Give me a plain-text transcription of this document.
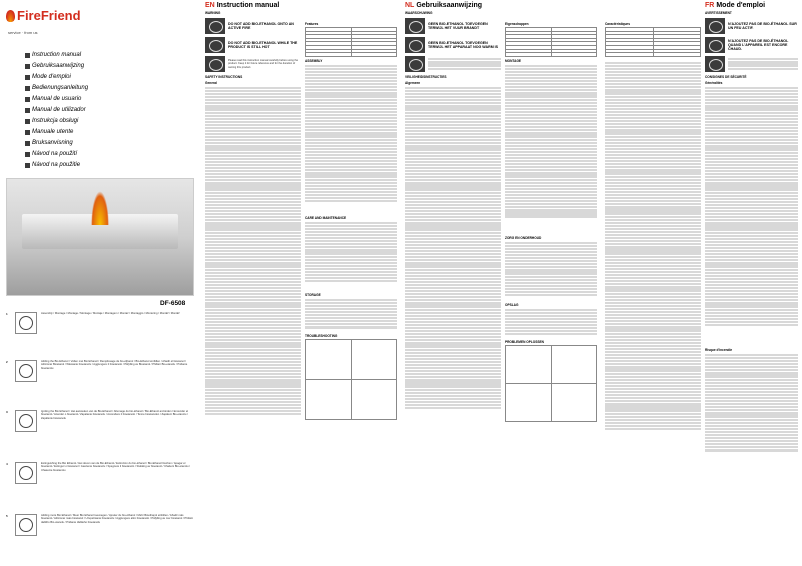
FireFriend
service · from us
Instruction manual
Gebruiksaanwijzing
Mode d'emploi
Bedienungsanleitung
Manual de usuario
Manual de utilizador
Instrukcja obsługi
Manuale utente
Bruksanvisning
Návod na použití
Návod na použitie
DF-6508
1	Assembly / Montage / Montage / Montage / Montaje / Montagem / Montaż / Montaggio / Montering / Montáž / Montáž
2	Adding the Bio Ethanol / Vullen met Bio Ethanol / Remplissage de bio-éthanol / Bio-Ethanol einfüllen / Añadir el bioetanol / Adicionar Bioetanol / Wlewanie bioetanolu / Aggiungere il bioetanolo / Påfylling av Bioetanol / Přidání Bio-etanolu / Pridanie bioetanolu
3	Igniting the Bio Ethanol / Het aansteken van de Bio-Ethanol / Allumage du bio-éthanol / Bio-Ethanol anzünden / Encender el bioetanol / Acender o bioetanol / Zapalanie bioetanolu / Accendere il bioetanolo / Tenne bioetanolen / Zapálení Bio-etanolu / Zapálenie bioetanolu
4	Extinguishing the Bio Ethanol / Het doven van de Bio-Ethanol / Extinction du bio-éthanol / Bio-Ethanol löschen / Apagar el bioetanol / Extinguir o bioetanol / Gaszenie bioetanolu / Spegnere il bioetanolo / Slukking av bioetanol / Uhašení Bio-etanolu / Uhasenie bioetanolu
5	Adding more Bio Ethanol / Meer Bio Ethanol toevoegen / Ajouter du bio-éthanol / Mehr Bioethanol einfüllen / Añadir más bioetanol / Adicionar mais bioetanol / Uzupełnianie bioetanolu / Aggiungere altro bioetanolo / Påfylling av mer bioetanol / Přidání dalšího Bio-etanolu / Pridanie ďalšieho bioetanolu
EN Instruction manual
WARNING
DO NOT ADD BIO-ETHANOL ONTO AN ACTIVE FIRE
DO NOT ADD BIO-ETHANOL WHILE THE PRODUCT IS STILL HOT
Please read this instruction manual carefully before using the product. Keep it for future reference and for the duration of owning this product.
SAFETY INSTRUCTIONS
General
Features

ASSEMBLY
CARE AND MAINTENANCE
STORAGE
TROUBLESHOOTING

NL Gebruiksaanwijzing
WAARSCHUWING
GEEN BIO-ETHANOL TOEVOEGEN TERWIJL HET VUUR BRANDT
GEEN BIO-ETHANOL TOEVOEGEN TERWIJL HET APPARAAT NOG WARM IS
VEILIGHEIDSINSTRUCTIES
Algemeen
Eigenschappen

MONTAGE
ZORG EN ONDERHOUD
OPSLAG
PROBLEMEN OPLOSSEN

FR Mode d'emploi
AVERTISSEMENT
N'AJOUTEZ PAS DE BIO-ÉTHANOL SUR UN FEU ACTIF.
N'AJOUTEZ PAS DE BIO-ÉTHANOL QUAND L'APPAREIL EST ENCORE CHAUD.
CONSIGNES DE SÉCURITÉ
Généralités
Risque d'incendie
Caractéristiques
